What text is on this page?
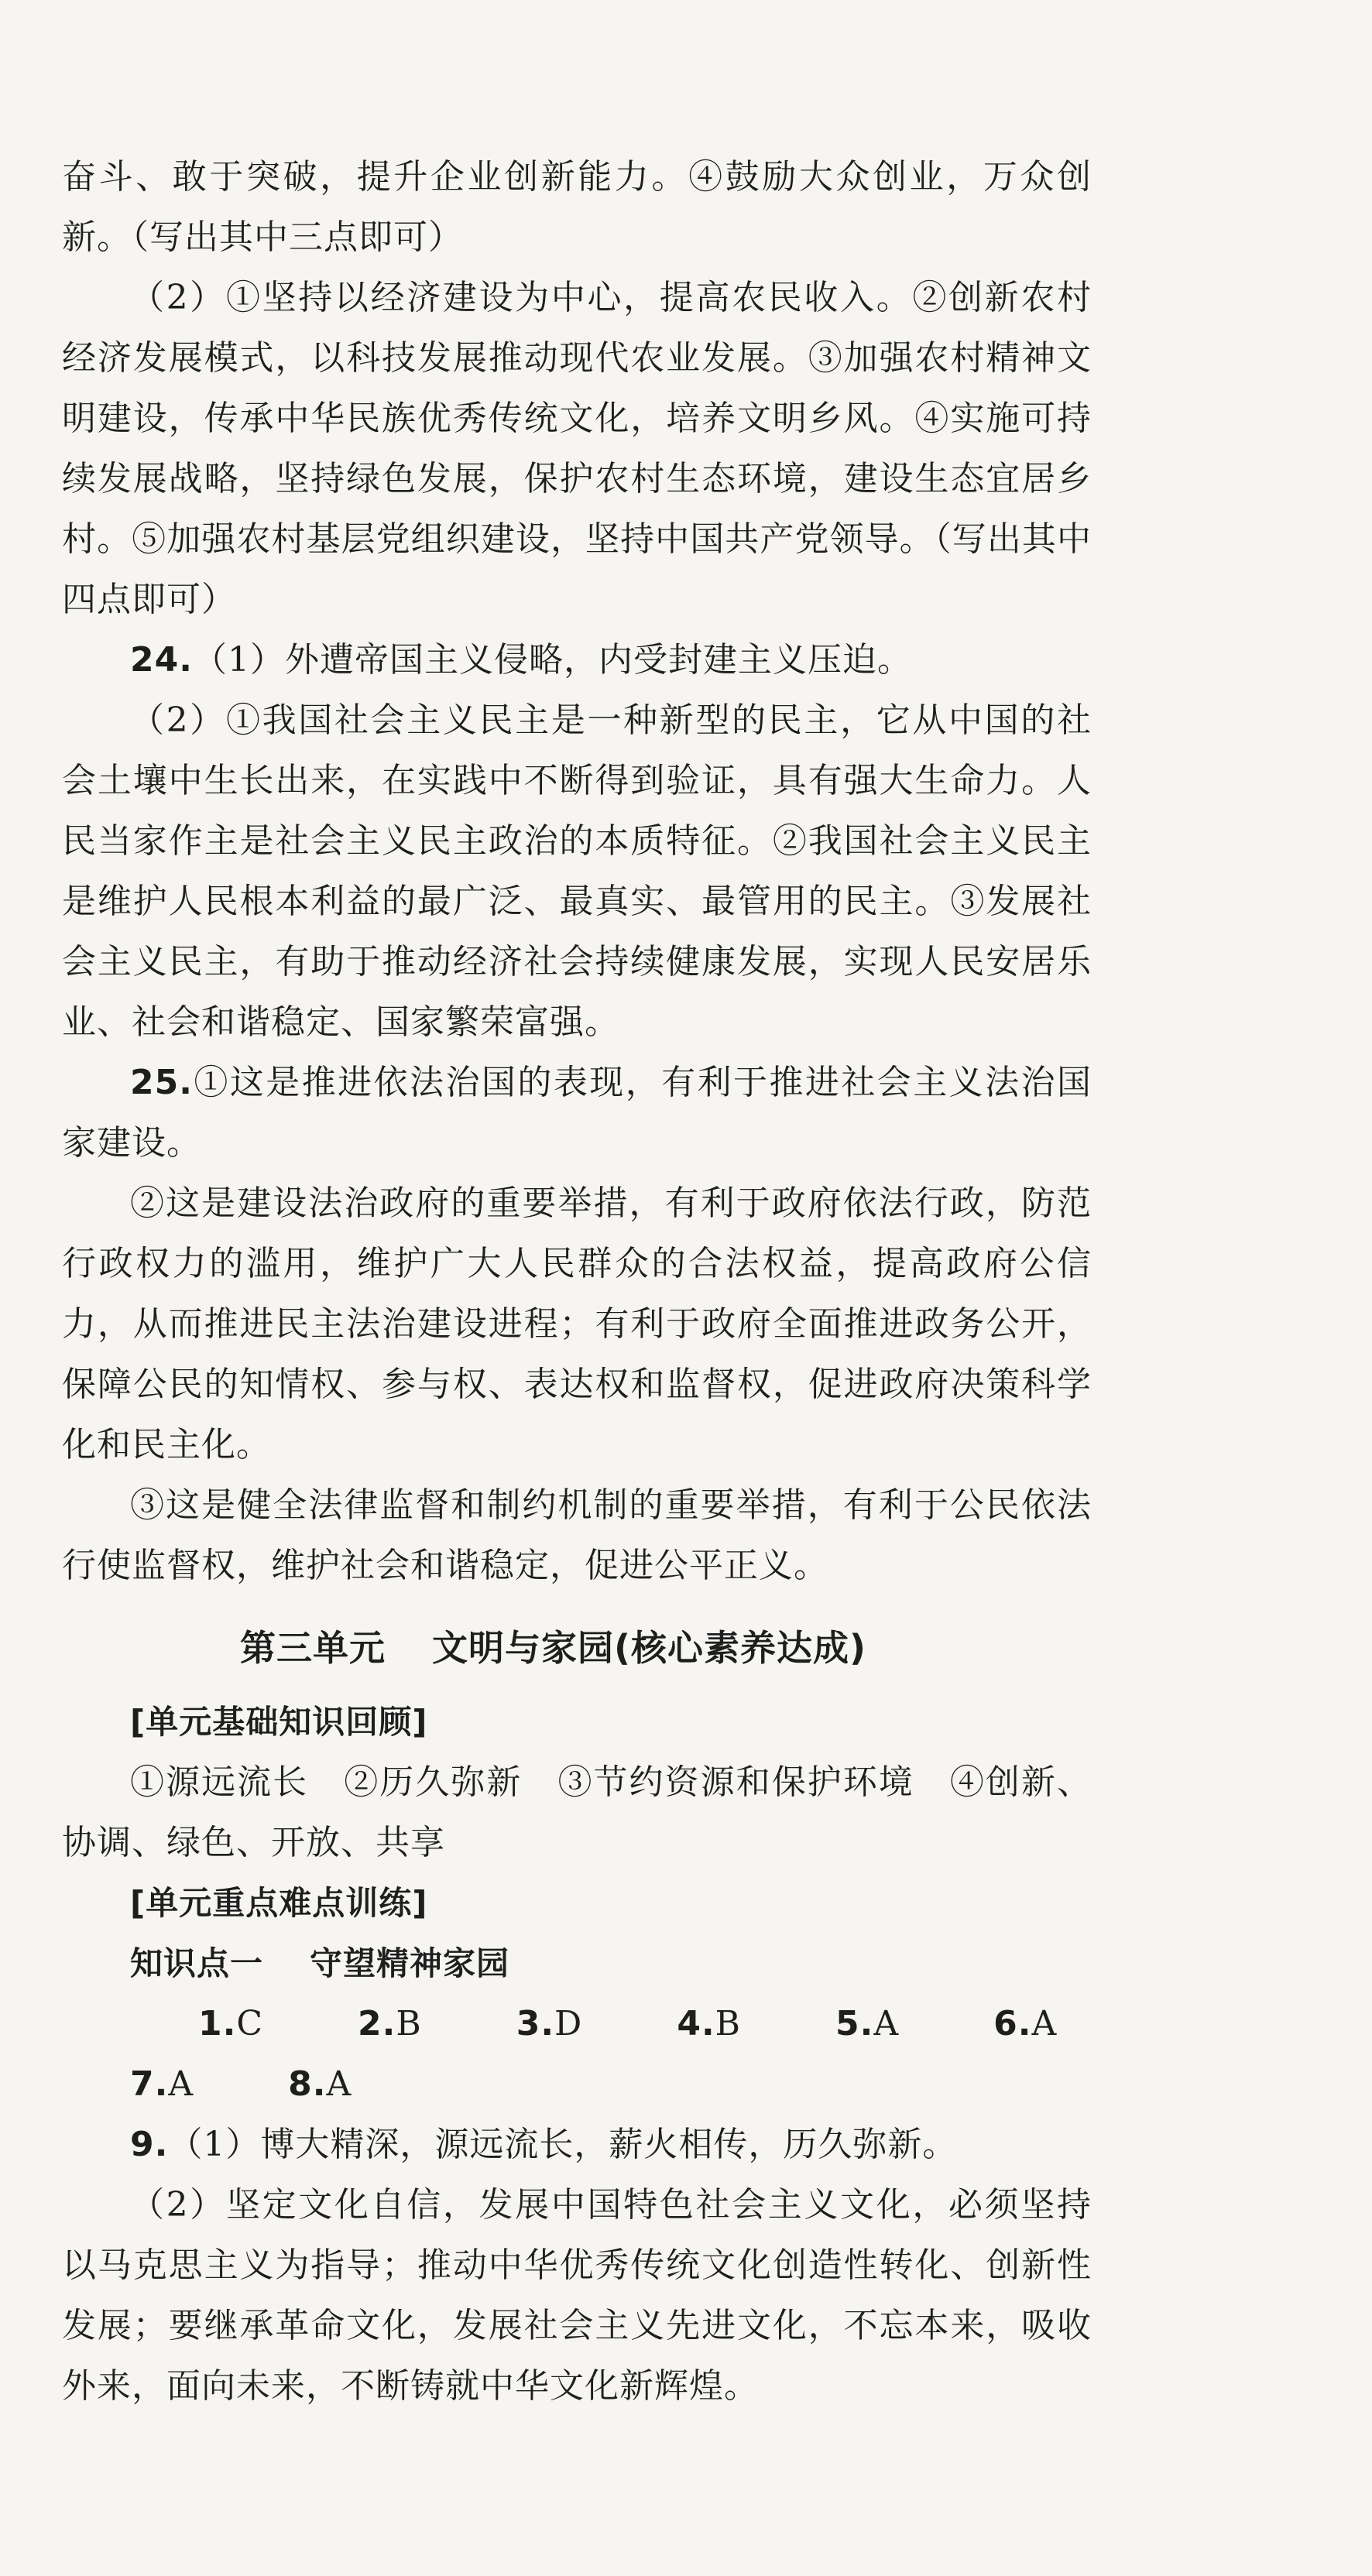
奋斗、敢于突破，提升企业创新能力。④鼓励大众创业，万众创新。（写出其中三点即可）

（2）①坚持以经济建设为中心，提高农民收入。②创新农村经济发展模式，以科技发展推动现代农业发展。③加强农村精神文明建设，传承中华民族优秀传统文化，培养文明乡风。④实施可持续发展战略，坚持绿色发展，保护农村生态环境，建设生态宜居乡村。⑤加强农村基层党组织建设，坚持中国共产党领导。（写出其中四点即可）

24.（1）外遭帝国主义侵略，内受封建主义压迫。

（2）①我国社会主义民主是一种新型的民主，它从中国的社会土壤中生长出来，在实践中不断得到验证，具有强大生命力。人民当家作主是社会主义民主政治的本质特征。②我国社会主义民主是维护人民根本利益的最广泛、最真实、最管用的民主。③发展社会主义民主，有助于推动经济社会持续健康发展，实现人民安居乐业、社会和谐稳定、国家繁荣富强。

25.①这是推进依法治国的表现，有利于推进社会主义法治国家建设。

②这是建设法治政府的重要举措，有利于政府依法行政，防范行政权力的滥用，维护广大人民群众的合法权益，提高政府公信力，从而推进民主法治建设进程；有利于政府全面推进政务公开，保障公民的知情权、参与权、表达权和监督权，促进政府决策科学化和民主化。

③这是健全法律监督和制约机制的重要举措，有利于公民依法行使监督权，维护社会和谐稳定，促进公平正义。

第三单元 文明与家园(核心素养达成)

[单元基础知识回顾]

①源远流长　②历久弥新　③节约资源和保护环境　④创新、协调、绿色、开放、共享

[单元重点难点训练]

知识点一 守望精神家园

1.C	2.B	3.D	4.B	5.A	6.A7.A	8.A

9.（1）博大精深，源远流长，薪火相传，历久弥新。

（2）坚定文化自信，发展中国特色社会主义文化，必须坚持以马克思主义为指导；推动中华优秀传统文化创造性转化、创新性发展；要继承革命文化，发展社会主义先进文化，不忘本来，吸收外来，面向未来，不断铸就中华文化新辉煌。
